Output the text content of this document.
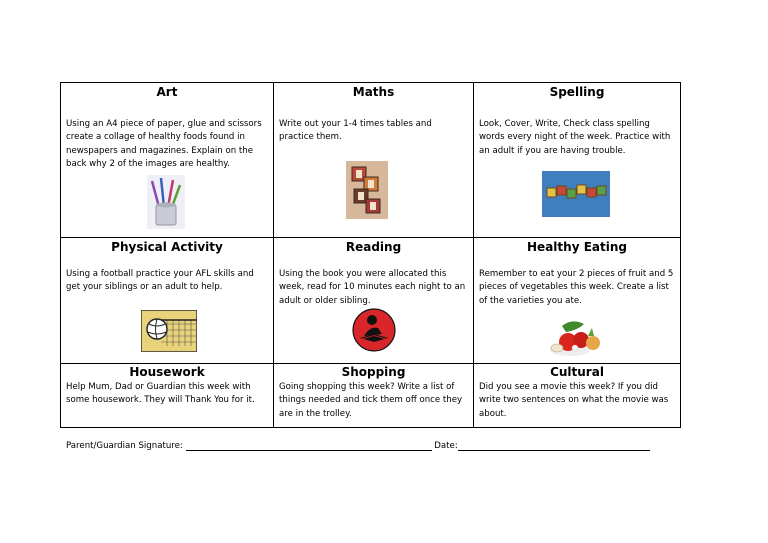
Art
Using an A4 piece of paper, glue and scissors create a collage of healthy foods found in newspapers and magazines. Explain on the back why 2 of the images are healthy.
Maths
Write out your 1-4 times tables and practice them.
Spelling
Look, Cover, Write, Check class spelling words every night of the week. Practice with an adult if you are having trouble.
Physical Activity
Using a football practice your AFL skills and get your siblings or an adult to help.
Reading
Using the book you were allocated this week, read for 10 minutes each night to an adult or older sibling.
Healthy Eating
Remember to eat your 2 pieces of fruit and 5 pieces of vegetables this week. Create a list of the varieties you ate.
Housework
Help Mum, Dad or Guardian this week with some housework. They will Thank You for it.
Shopping
Going shopping this week? Write a list of things needed and tick them off once they are in the trolley.
Cultural
Did you see a movie this week? If you did write two sentences on what the movie was about.
Parent/Guardian Signature:	Date:
